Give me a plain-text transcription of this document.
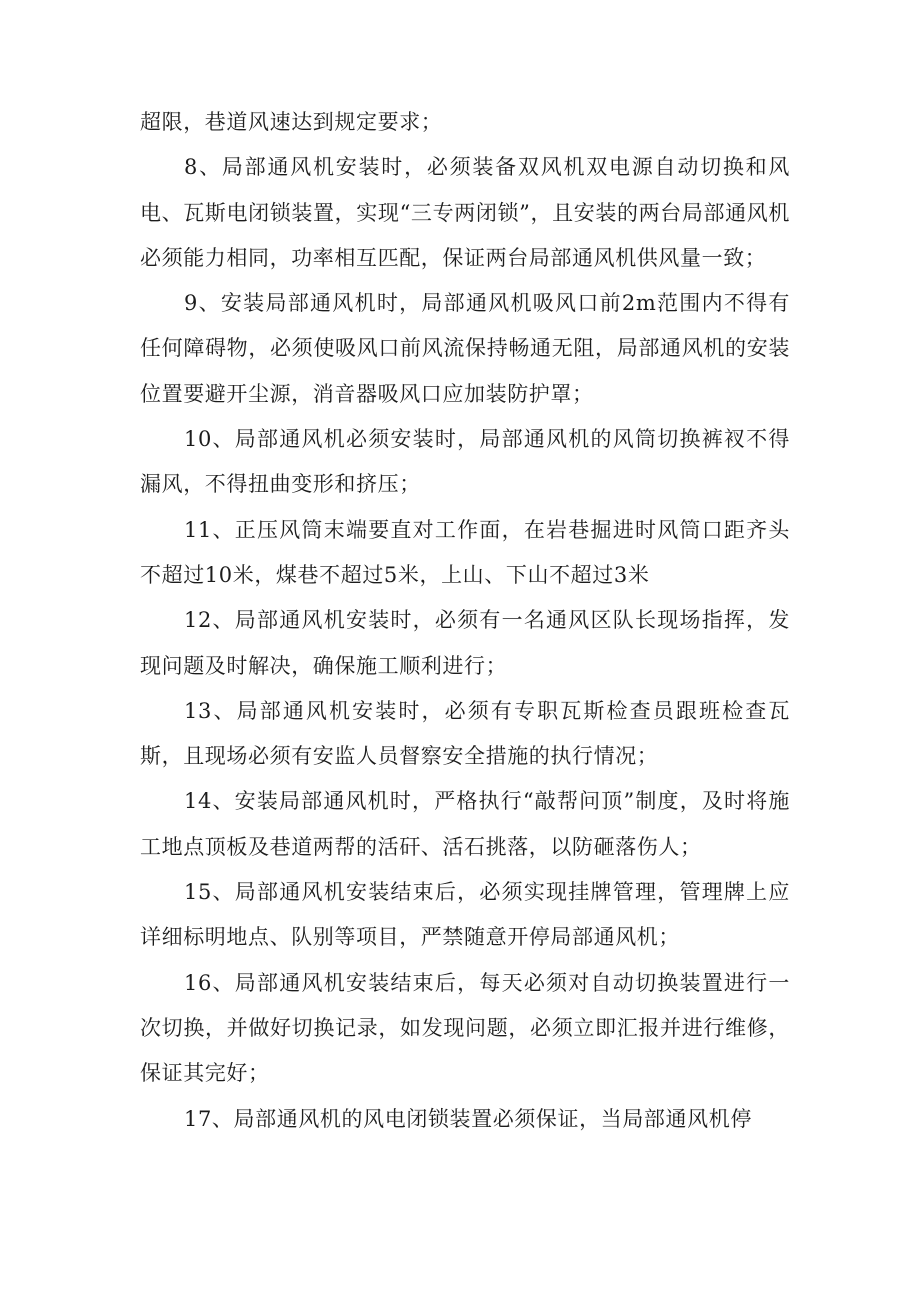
超限，巷道风速达到规定要求；

8、局部通风机安装时，必须装备双风机双电源自动切换和风电、瓦斯电闭锁装置，实现“三专两闭锁”，且安装的两台局部通风机必须能力相同，功率相互匹配，保证两台局部通风机供风量一致；

9、安装局部通风机时，局部通风机吸风口前2m范围内不得有任何障碍物，必须使吸风口前风流保持畅通无阻，局部通风机的安装位置要避开尘源，消音器吸风口应加装防护罩；

10、局部通风机必须安装时，局部通风机的风筒切换裤衩不得漏风，不得扭曲变形和挤压；

11、正压风筒末端要直对工作面，在岩巷掘进时风筒口距齐头不超过10米，煤巷不超过5米，上山、下山不超过3米

12、局部通风机安装时，必须有一名通风区队长现场指挥，发现问题及时解决，确保施工顺利进行；

13、局部通风机安装时，必须有专职瓦斯检查员跟班检查瓦斯，且现场必须有安监人员督察安全措施的执行情况；

14、安装局部通风机时，严格执行“敲帮问顶”制度，及时将施工地点顶板及巷道两帮的活矸、活石挑落，以防砸落伤人；

15、局部通风机安装结束后，必须实现挂牌管理，管理牌上应详细标明地点、队别等项目，严禁随意开停局部通风机；

16、局部通风机安装结束后，每天必须对自动切换装置进行一次切换，并做好切换记录，如发现问题，必须立即汇报并进行维修，保证其完好；

17、局部通风机的风电闭锁装置必须保证，当局部通风机停
